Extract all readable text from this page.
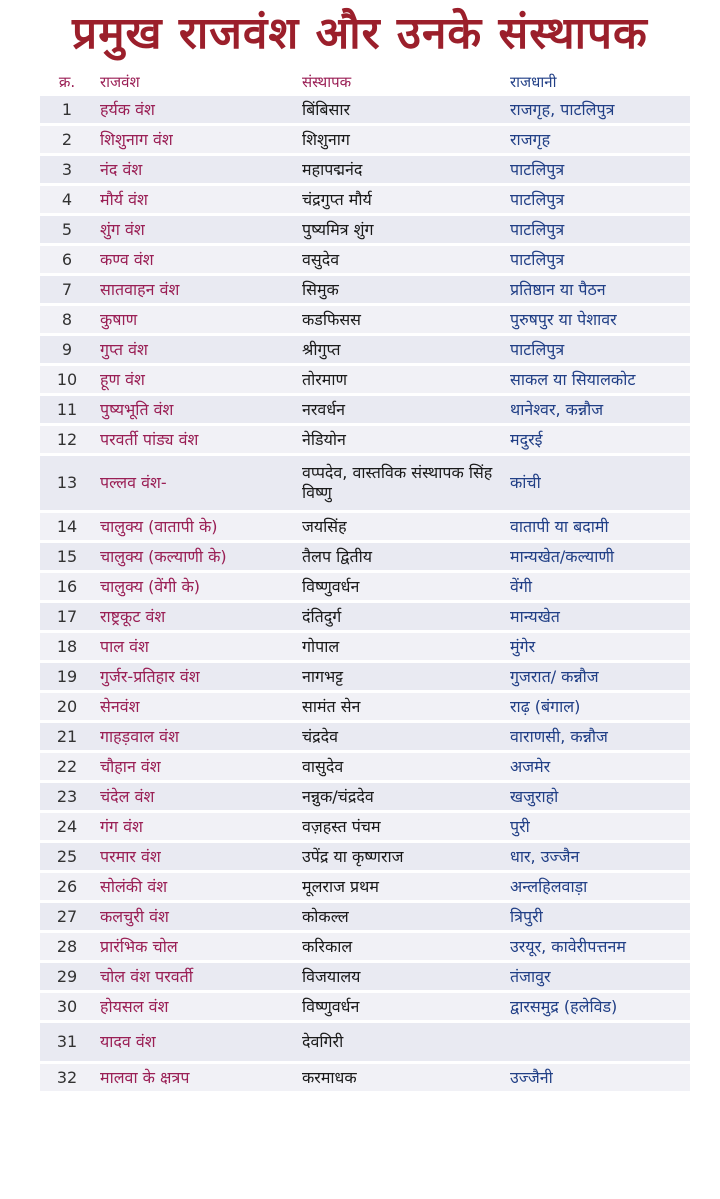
प्रमुख राजवंश और उनके संस्थापक
क्र.	राजवंश	संस्थापक	राजधानी
1	हर्यक वंश	बिंबिसार	राजगृह, पाटलिपुत्र
2	शिशुनाग वंश	शिशुनाग	राजगृह
3	नंद वंश	महापद्मनंद	पाटलिपुत्र
4	मौर्य वंश	चंद्रगुप्त मौर्य	पाटलिपुत्र
5	शुंग वंश	पुष्यमित्र शुंग	पाटलिपुत्र
6	कण्व वंश	वसुदेव	पाटलिपुत्र
7	सातवाहन वंश	सिमुक	प्रतिष्ठान या पैठन
8	कुषाण	कडफिसस	पुरुषपुर या पेशावर
9	गुप्त वंश	श्रीगुप्त	पाटलिपुत्र
10	हूण वंश	तोरमाण	साकल या सियालकोट
11	पुष्यभूति वंश	नरवर्धन	थानेश्वर, कन्नौज
12	परवर्ती पांड्य वंश	नेडियोन	मदुरई
13	पल्लव वंश-	वप्पदेव, वास्तविक संस्थापक सिंह विष्णु	कांची
14	चालुक्य (वातापी के)	जयसिंह	वातापी या बदामी
15	चालुक्य (कल्याणी के)	तैलप द्वितीय	मान्यखेत/कल्याणी
16	चालुक्य (वेंगी के)	विष्णुवर्धन	वेंगी
17	राष्ट्रकूट वंश	दंतिदुर्ग	मान्यखेत
18	पाल वंश	गोपाल	मुंगेर
19	गुर्जर-प्रतिहार वंश	नागभट्ट	गुजरात/ कन्नौज
20	सेनवंश	सामंत सेन	राढ़ (बंगाल)
21	गाहड़वाल वंश	चंद्रदेव	वाराणसी, कन्नौज
22	चौहान वंश	वासुदेव	अजमेर
23	चंदेल वंश	नन्नुक/चंद्रदेव	खजुराहो
24	गंग वंश	वज़हस्त पंचम	पुरी
25	परमार वंश	उपेंद्र या कृष्णराज	धार, उज्जैन
26	सोलंकी वंश	मूलराज प्रथम	अन्लहिलवाड़ा
27	कलचुरी वंश	कोकल्ल	त्रिपुरी
28	प्रारंभिक चोल	करिकाल	उरयूर, कावेरीपत्तनम
29	चोल वंश परवर्ती	विजयालय	तंजावुर
30	होयसल वंश	विष्णुवर्धन	द्वारसमुद्र (हलेविड)
31	यादव वंश	देवगिरी	
32	मालवा के क्षत्रप	करमाधक	उज्जैनी
